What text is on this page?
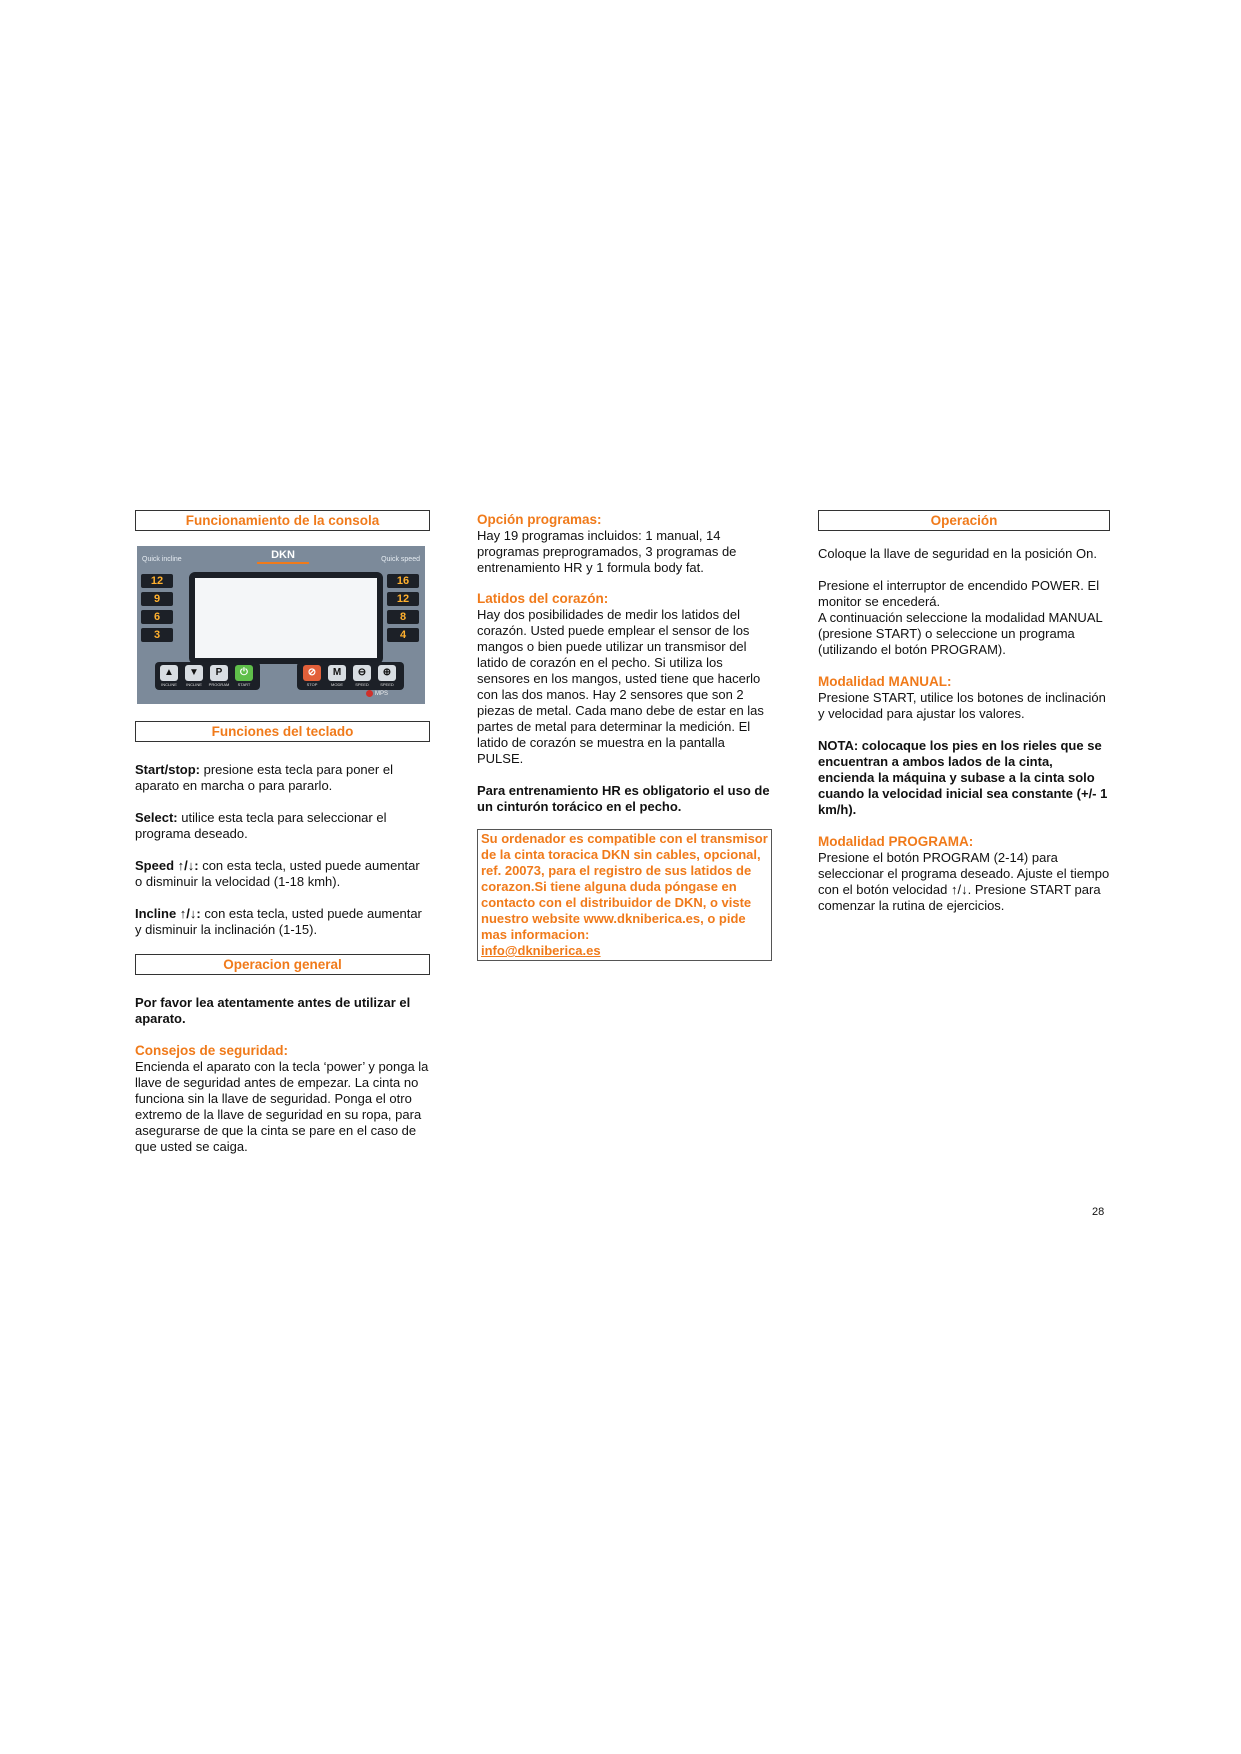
Funcionamiento de la consola
Quick incline	DKN	Quick speed
12
9
6
3
16
12
8
4
▲
INCLINE
▼
INCLINE
P
PROGRAM
⏻
START
⊘
STOP
M
MODE
⊖
SPEED
⊕
SPEED
MPS
Funciones del teclado

Start/stop: presione esta tecla para poner el aparato en marcha o para pararlo.

Select: utilice esta tecla para seleccionar el programa deseado.

Speed ↑/↓: con esta tecla, usted puede aumentar o disminuir la velocidad (1-18 kmh).

Incline ↑/↓: con esta tecla, usted puede aumentar y disminuir la inclinación (1-15).

Operacion general

Por favor lea atentamente antes de utilizar el aparato.

Consejos de seguridad:

Encienda el aparato con la tecla ‘power’ y ponga la llave de seguridad antes de empezar. La cinta no funciona sin la llave de seguridad. Ponga el otro extremo de la llave de seguridad en su ropa, para asegurarse de que la cinta se pare en el caso de que usted se caiga.

Opción programas:

Hay 19 programas incluidos: 1 manual, 14 programas preprogramados, 3 programas de entrenamiento HR y 1 formula body fat.

Latidos del corazón:

Hay dos posibilidades de medir los latidos del corazón. Usted puede emplear el sensor de los mangos o bien puede utilizar un transmisor del latido de corazón en el pecho. Si utiliza los sensores en los mangos, usted tiene que hacerlo con las dos manos. Hay 2 sensores que son 2 piezas de metal. Cada mano debe de estar en las partes de metal para determinar la medición. El latido de corazón se muestra en la pantalla PULSE.

Para entrenamiento HR es obligatorio el uso de un cinturón torácico en el pecho.

Su ordenador es compatible con el transmisor de la cinta toracica DKN sin cables, opcional, ref. 20073, para el registro de sus latidos de corazon.Si tiene alguna duda póngase en contacto con el distribuidor de DKN, o viste nuestro website www.dkniberica.es, o pide mas informacion:

info@dkniberica.es

Operación

Coloque la llave de seguridad en la posición On.

Presione el interruptor de encendido POWER. El monitor se encederá.

A continuación seleccione la modalidad MANUAL (presione START) o seleccione un programa (utilizando el botón PROGRAM).

Modalidad MANUAL:

Presione START, utilice los botones de inclinación y velocidad para ajustar los valores.

NOTA: colocaque los pies en los rieles que se encuentran a ambos lados de la cinta, encienda la máquina y subase a la cinta solo cuando la velocidad inicial sea constante (+/- 1 km/h).

Modalidad PROGRAMA:

Presione el botón PROGRAM (2-14) para seleccionar el programa deseado. Ajuste el tiempo con el botón velocidad ↑/↓. Presione START para comenzar la rutina de ejercicios.

28
